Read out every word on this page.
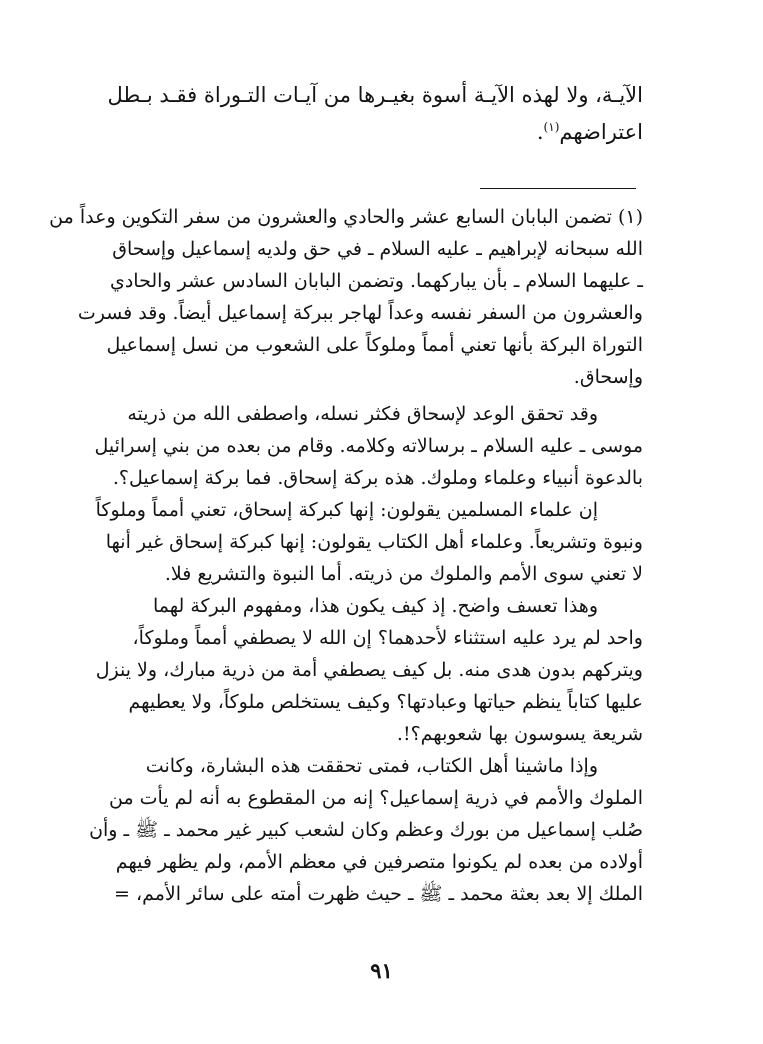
الآيـة، ولا لهذه الآيـة أسوة بغيـرها من آيـات التـوراة فقـد بـطل
اعتراضهم$^{(١)}$.
(١) تضمن البابان السابع عشر والحادي والعشرون من سفر التكوين وعداً من
الله سبحانه لإبراهيم ـ عليه السلام ـ في حق ولديه إسماعيل وإسحاق
ـ عليهما السلام ـ بأن يباركهما. وتضمن البابان السادس عشر والحادي
والعشرون من السفر نفسه وعداً لهاجر ببركة إسماعيل أيضاً. وقد فسرت
التوراة البركة بأنها تعني أمماً وملوكاً على الشعوب من نسل إسماعيل
وإسحاق.
وقد تحقق الوعد لإسحاق فكثر نسله، واصطفى الله من ذريته
موسى ـ عليه السلام ـ برسالاته وكلامه. وقام من بعده من بني إسرائيل
بالدعوة أنبياء وعلماء وملوك. هذه بركة إسحاق. فما بركة إسماعيل؟.
إن علماء المسلمين يقولون: إنها كبركة إسحاق، تعني أمماً وملوكاً
ونبوة وتشريعاً. وعلماء أهل الكتاب يقولون: إنها كبركة إسحاق غير أنها
لا تعني سوى الأمم والملوك من ذريته. أما النبوة والتشريع فلا.
وهذا تعسف واضح. إذ كيف يكون هذا، ومفهوم البركة لهما
واحد لم يرد عليه استثناء لأحدهما؟ إن الله لا يصطفي أمماً وملوكاً،
ويتركهم بدون هدى منه. بل كيف يصطفي أمة من ذرية مبارك، ولا ينزل
عليها كتاباً ينظم حياتها وعبادتها؟ وكيف يستخلص ملوكاً، ولا يعطيهم
شريعة يسوسون بها شعوبهم؟!.
وإذا ماشينا أهل الكتاب، فمتى تحققت هذه البشارة، وكانت
الملوك والأمم في ذرية إسماعيل؟ إنه من المقطوع به أنه لم يأت من
صُلب إسماعيل من بورك وعظم وكان لشعب كبير غير محمد ـ ﷺ ـ وأن
أولاده من بعده لم يكونوا متصرفين في معظم الأمم، ولم يظهر فيهم
الملك إلا بعد بعثة محمد ـ ﷺ ـ حيث ظهرت أمته على سائر الأمم، =
٩١
